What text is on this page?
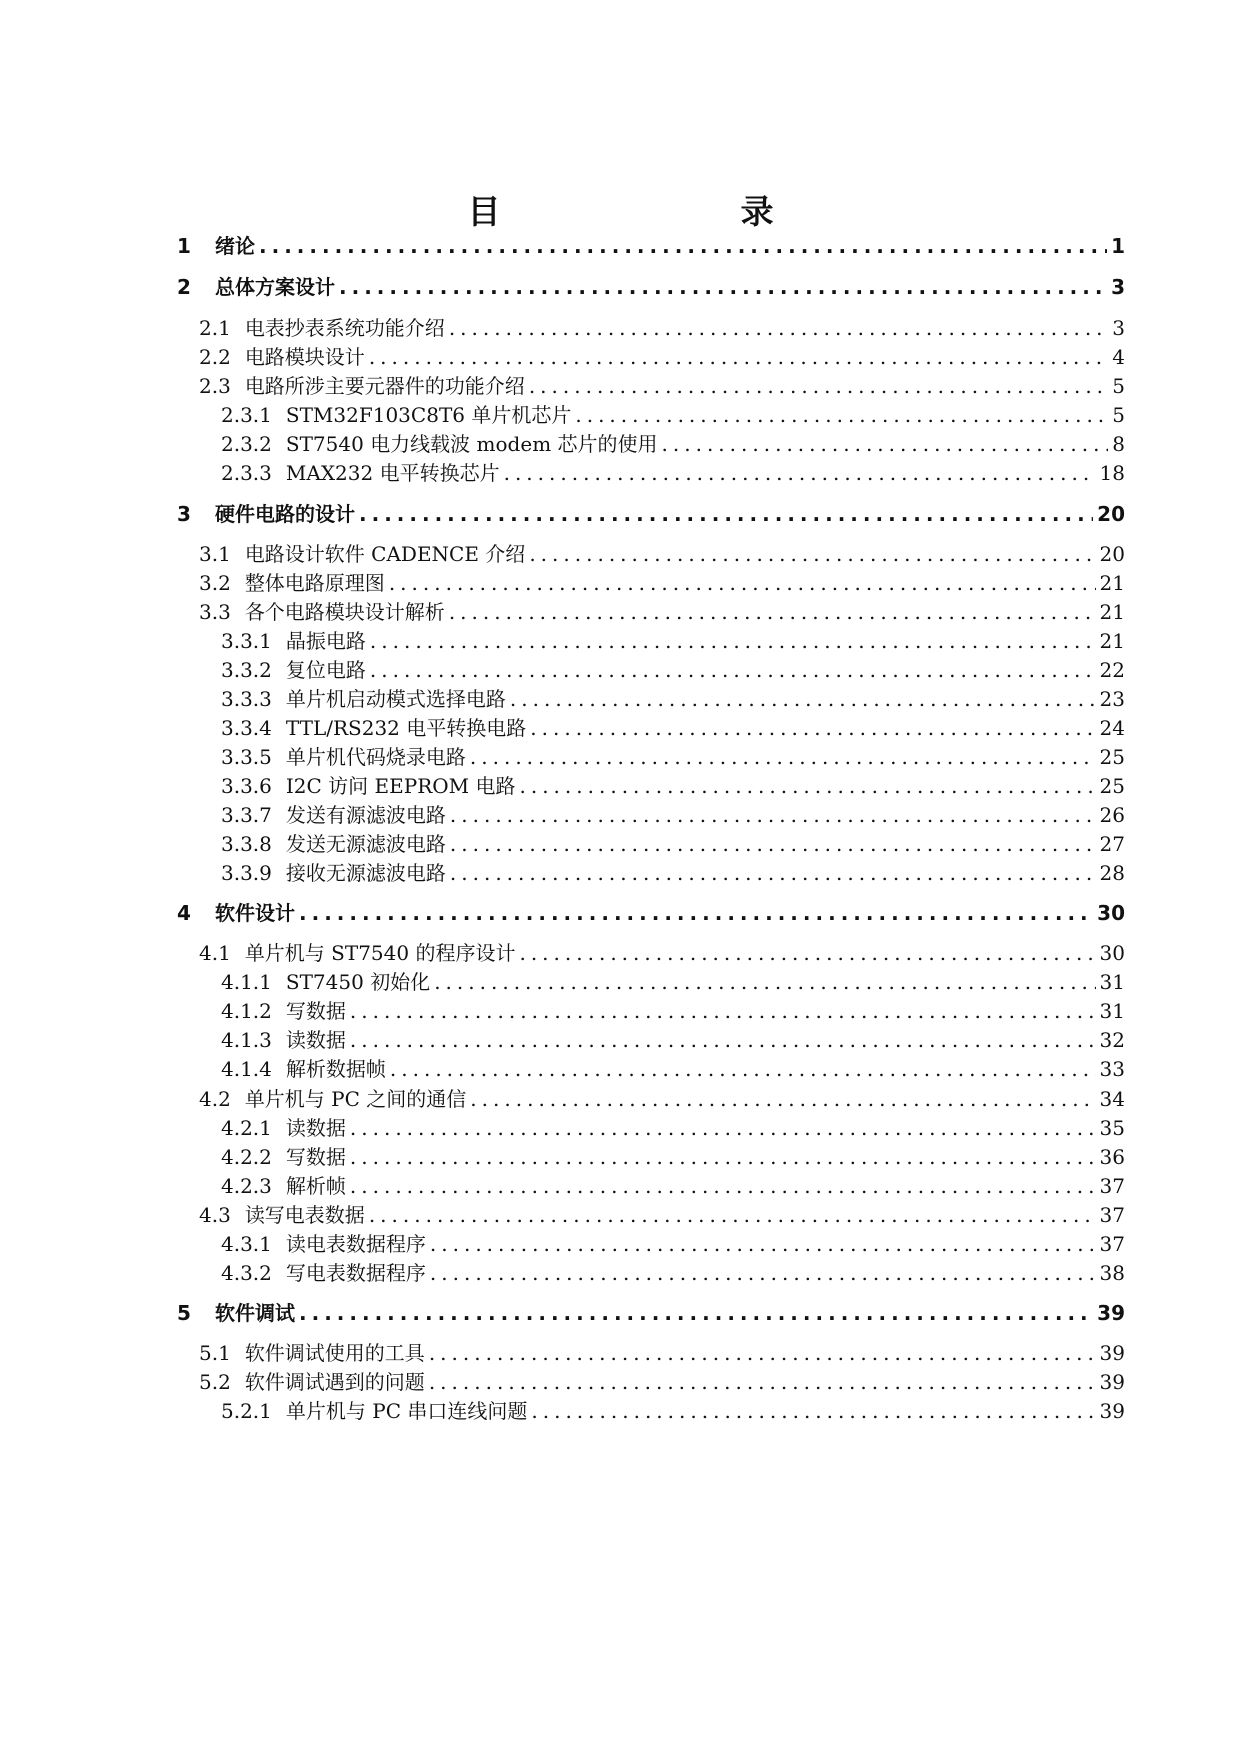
目　　录
1 绪论 .....	1
2 总体方案设计 .....	3
2.1 电表抄表系统功能介绍 .....	3
2.2 电路模块设计 .....	4
2.3 电路所涉主要元器件的功能介绍 .....	5
2.3.1 STM32F103C8T6 单片机芯片 .....	5
2.3.2 ST7540 电力线载波 modem 芯片的使用 .....	8
2.3.3 MAX232 电平转换芯片 .....	18
3 硬件电路的设计 .....	20
3.1 电路设计软件 CADENCE 介绍 .....	20
3.2 整体电路原理图 .....	21
3.3 各个电路模块设计解析 .....	21
3.3.1 晶振电路 .....	21
3.3.2 复位电路 .....	22
3.3.3 单片机启动模式选择电路 .....	23
3.3.4 TTL/RS232 电平转换电路 .....	24
3.3.5 单片机代码烧录电路 .....	25
3.3.6 I2C 访问 EEPROM 电路 .....	25
3.3.7 发送有源滤波电路 .....	26
3.3.8 发送无源滤波电路 .....	27
3.3.9 接收无源滤波电路 .....	28
4 软件设计 .....	30
4.1 单片机与 ST7540 的程序设计 .....	30
4.1.1 ST7450 初始化 .....	31
4.1.2 写数据 .....	31
4.1.3 读数据 .....	32
4.1.4 解析数据帧 .....	33
4.2 单片机与 PC 之间的通信 .....	34
4.2.1 读数据 .....	35
4.2.2 写数据 .....	36
4.2.3 解析帧 .....	37
4.3 读写电表数据 .....	37
4.3.1 读电表数据程序 .....	37
4.3.2 写电表数据程序 .....	38
5 软件调试 .....	39
5.1 软件调试使用的工具 .....	39
5.2 软件调试遇到的问题 .....	39
5.2.1 单片机与 PC 串口连线问题 .....	39
